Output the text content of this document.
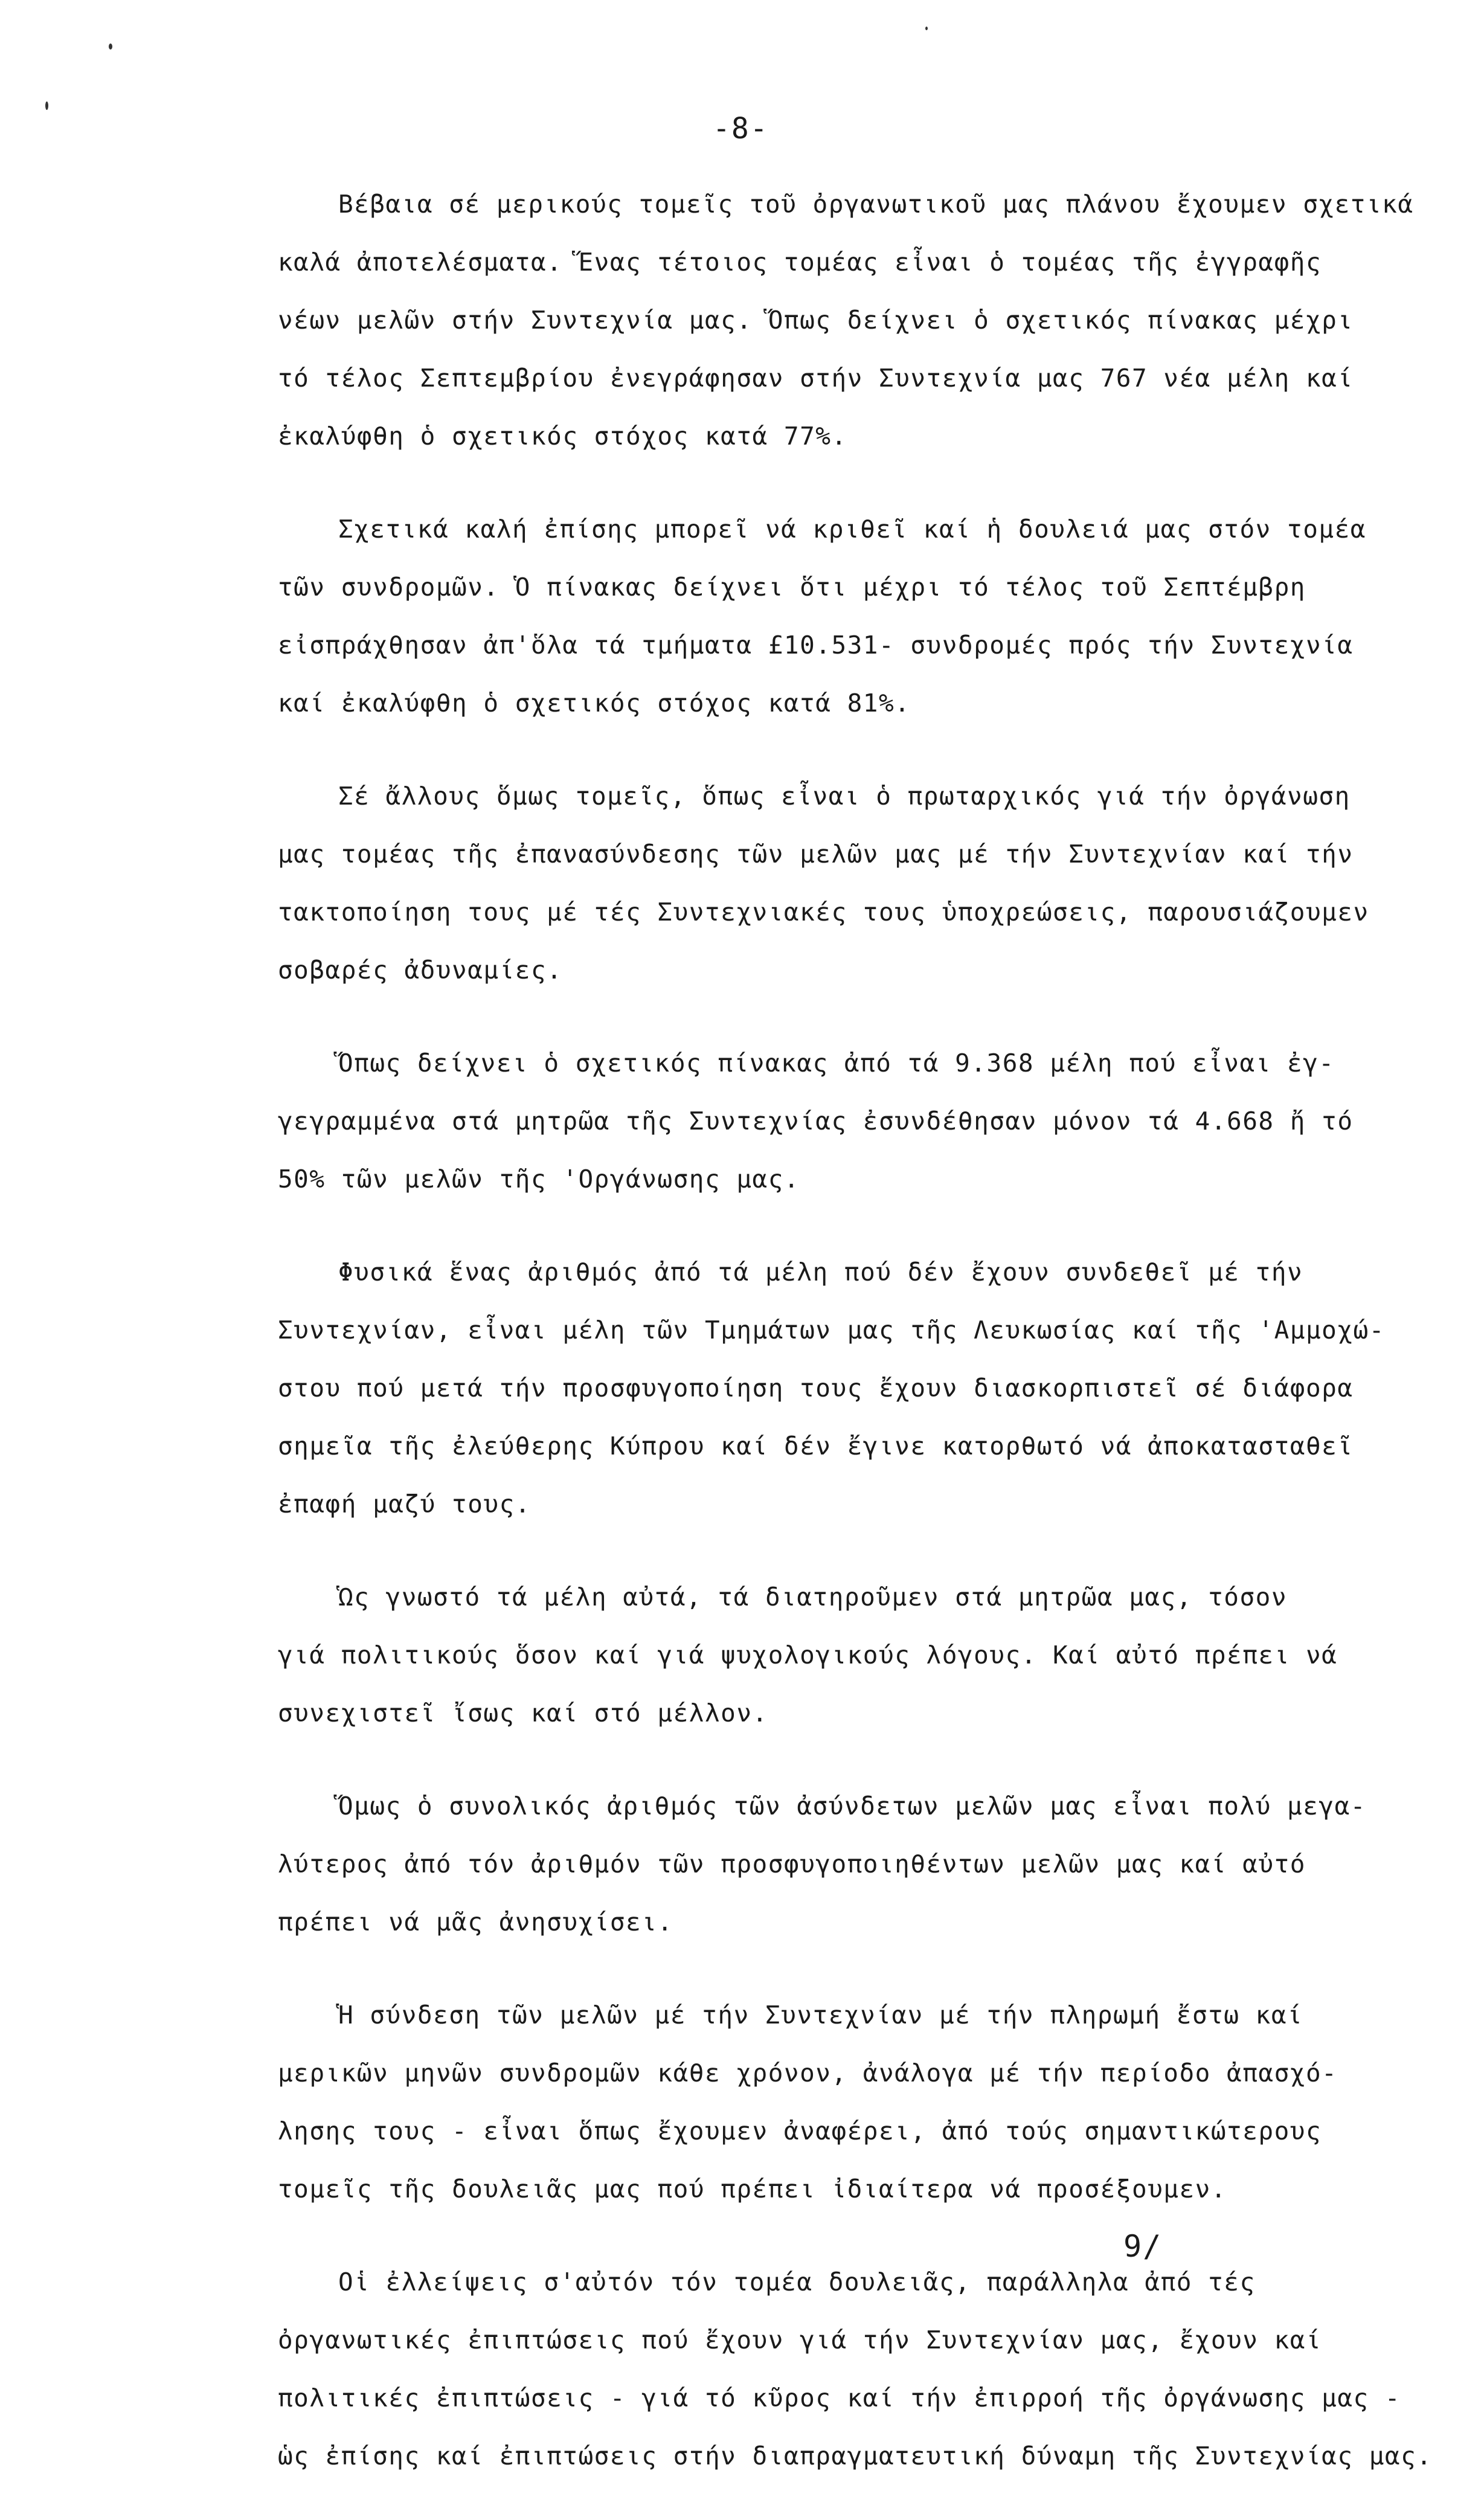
-8-
Βέβαια σέ μερικούς τομεῖς τοῦ ὀργανωτικοῦ μας πλάνου ἔχουμεν σχετικά
καλά ἀποτελέσματα. Ἕνας τέτοιος τομέας εἶναι ὁ τομέας τῆς ἐγγραφῆς
νέων μελῶν στήν Συντεχνία μας. Ὅπως δείχνει ὁ σχετικός πίνακας μέχρι
τό τέλος Σεπτεμβρίου ἐνεγράφησαν στήν Συντεχνία μας 767 νέα μέλη καί
ἐκαλύφθη ὁ σχετικός στόχος κατά 77%.
Σχετικά καλή ἐπίσης μπορεῖ νά κριθεῖ καί ἡ δουλειά μας στόν τομέα
τῶν συνδρομῶν. Ὁ πίνακας δείχνει ὅτι μέχρι τό τέλος τοῦ Σεπτέμβρη
εἰσπράχθησαν ἀπ'ὅλα τά τμήματα £10.531- συνδρομές πρός τήν Συντεχνία
καί ἐκαλύφθη ὁ σχετικός στόχος κατά 81%.
Σέ ἄλλους ὅμως τομεῖς, ὅπως εἶναι ὁ πρωταρχικός γιά τήν ὀργάνωση
μας τομέας τῆς ἐπανασύνδεσης τῶν μελῶν μας μέ τήν Συντεχνίαν καί τήν
τακτοποίηση τους μέ τές Συντεχνιακές τους ὑποχρεώσεις, παρουσιάζουμεν
σοβαρές ἀδυναμίες.
Ὅπως δείχνει ὁ σχετικός πίνακας ἀπό τά 9.368 μέλη πού εἶναι ἐγ-
γεγραμμένα στά μητρῶα τῆς Συντεχνίας ἐσυνδέθησαν μόνον τά 4.668 ἤ τό
50% τῶν μελῶν τῆς 'Οργάνωσης μας.
Φυσικά ἕνας ἀριθμός ἀπό τά μέλη πού δέν ἔχουν συνδεθεῖ μέ τήν
Συντεχνίαν, εἶναι μέλη τῶν Τμημάτων μας τῆς Λευκωσίας καί τῆς 'Αμμοχώ-
στου πού μετά τήν προσφυγοποίηση τους ἔχουν διασκορπιστεῖ σέ διάφορα
σημεῖα τῆς ἐλεύθερης Κύπρου καί δέν ἔγινε κατορθωτό νά ἀποκατασταθεῖ
ἐπαφή μαζύ τους.
Ὡς γνωστό τά μέλη αὐτά, τά διατηροῦμεν στά μητρῶα μας, τόσον
γιά πολιτικούς ὅσον καί γιά ψυχολογικούς λόγους. Καί αὐτό πρέπει νά
συνεχιστεῖ ἴσως καί στό μέλλον.
Ὅμως ὁ συνολικός ἀριθμός τῶν ἀσύνδετων μελῶν μας εἶναι πολύ μεγα-
λύτερος ἀπό τόν ἀριθμόν τῶν προσφυγοποιηθέντων μελῶν μας καί αὐτό
πρέπει νά μᾶς ἀνησυχίσει.
Ἡ σύνδεση τῶν μελῶν μέ τήν Συντεχνίαν μέ τήν πληρωμή ἔστω καί
μερικῶν μηνῶν συνδρομῶν κάθε χρόνον, ἀνάλογα μέ τήν περίοδο ἀπασχό-
λησης τους - εἶναι ὅπως ἔχουμεν ἀναφέρει, ἀπό τούς σημαντικώτερους
τομεῖς τῆς δουλειᾶς μας πού πρέπει ἰδιαίτερα νά προσέξουμεν.
Οἱ ἐλλείψεις σ'αὐτόν τόν τομέα δουλειᾶς, παράλληλα ἀπό τές
ὀργανωτικές ἐπιπτώσεις πού ἔχουν γιά τήν Συντεχνίαν μας, ἔχουν καί
πολιτικές ἐπιπτώσεις - γιά τό κῦρος καί τήν ἐπιρροή τῆς ὀργάνωσης μας -
ὡς ἐπίσης καί ἐπιπτώσεις στήν διαπραγματευτική δύναμη τῆς Συντεχνίας μας.
9/
